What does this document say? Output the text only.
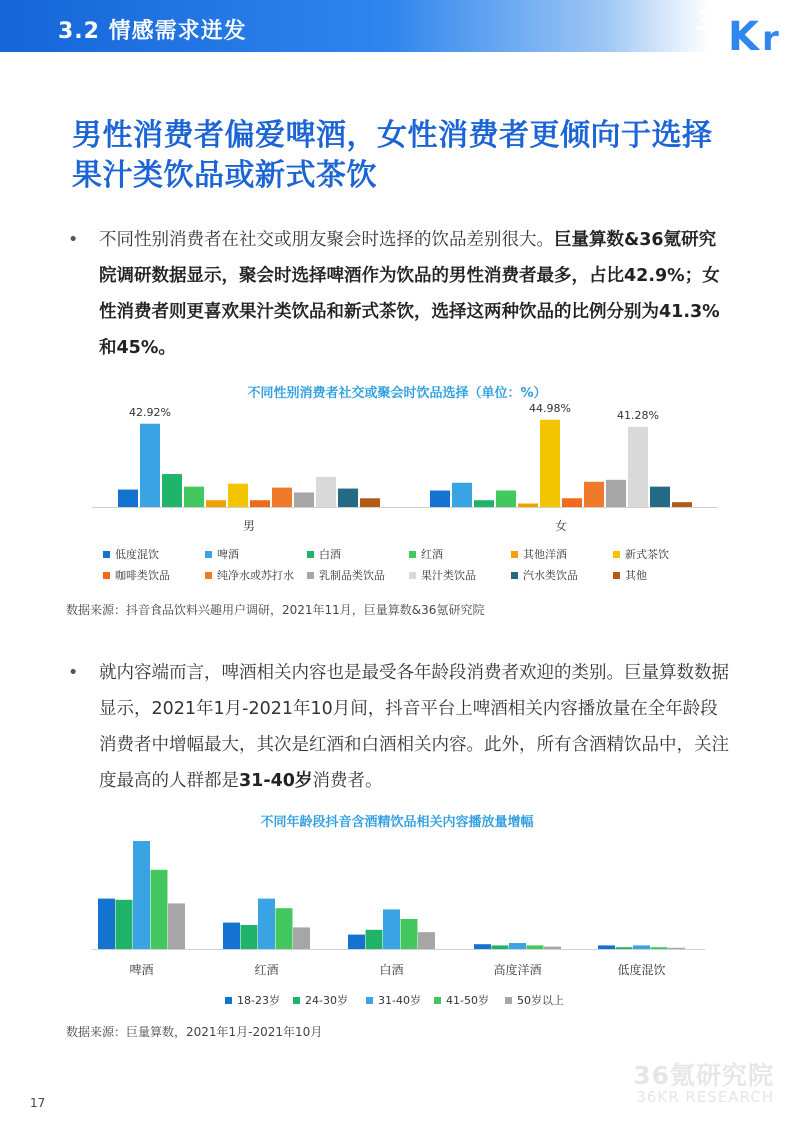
3.2 情感需求迸发	36
K r
男性消费者偏爱啤酒，女性消费者更倾向于选择果汁类饮品或新式茶饮
• 不同性别消费者在社交或朋友聚会时选择的饮品差别很大。巨量算数&36氪研究院调研数据显示，聚会时选择啤酒作为饮品的男性消费者最多，占比42.9%；女性消费者则更喜欢果汁类饮品和新式茶饮，选择这两种饮品的比例分别为41.3%和45%。
不同性别消费者社交或聚会时饮品选择（单位：%）
42.92%
男
44.98%
41.28%
女
低度混饮	啤酒	白酒	红酒	其他洋酒	新式茶饮
咖啡类饮品	纯净水或苏打水	乳制品类饮品	果汁类饮品	汽水类饮品	其他
数据来源：抖音食品饮料兴趣用户调研，2021年11月，巨量算数&36氪研究院
• 就内容端而言，啤酒相关内容也是最受各年龄段消费者欢迎的类别。巨量算数数据显示，2021年1月-2021年10月间，抖音平台上啤酒相关内容播放量在全年龄段消费者中增幅最大，其次是红酒和白酒相关内容。此外，所有含酒精饮品中，关注度最高的人群都是31-40岁消费者。
不同年龄段抖音含酒精饮品相关内容播放量增幅
啤酒	红酒	白酒	高度洋酒	低度混饮
18-23岁	24-30岁	31-40岁	41-50岁	50岁以上
数据来源：巨量算数，2021年1月-2021年10月
36氪研究院
36KR RESEARCH
17
